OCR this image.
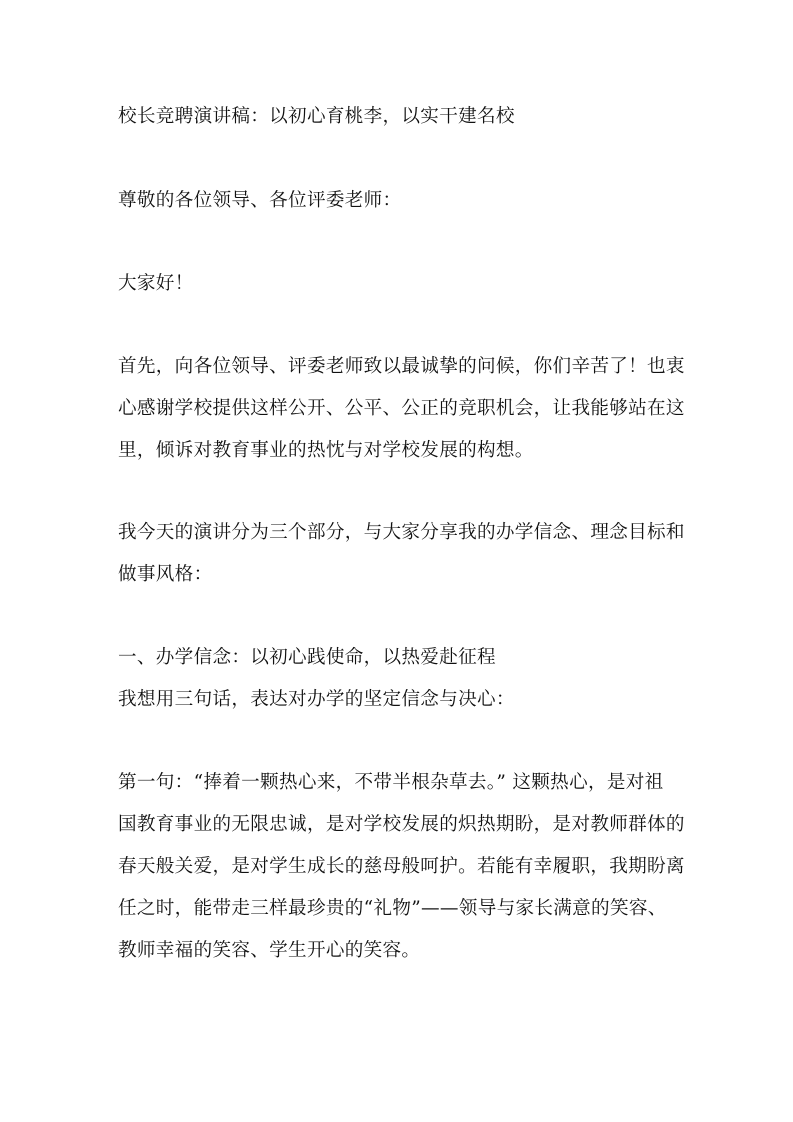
校长竞聘演讲稿：以初心育桃李，以实干建名校
尊敬的各位领导、各位评委老师：
大家好！
首先，向各位领导、评委老师致以最诚挚的问候，你们辛苦了！也衷
心感谢学校提供这样公开、公平、公正的竞职机会，让我能够站在这
里，倾诉对教育事业的热忱与对学校发展的构想。
我今天的演讲分为三个部分，与大家分享我的办学信念、理念目标和
做事风格：
一、办学信念：以初心践使命，以热爱赴征程
我想用三句话，表达对办学的坚定信念与决心：
第一句：“捧着一颗热心来，不带半根杂草去。” 这颗热心，是对祖
国教育事业的无限忠诚，是对学校发展的炽热期盼，是对教师群体的
春天般关爱，是对学生成长的慈母般呵护。若能有幸履职，我期盼离
任之时，能带走三样最珍贵的“礼物”——领导与家长满意的笑容、
教师幸福的笑容、学生开心的笑容。
